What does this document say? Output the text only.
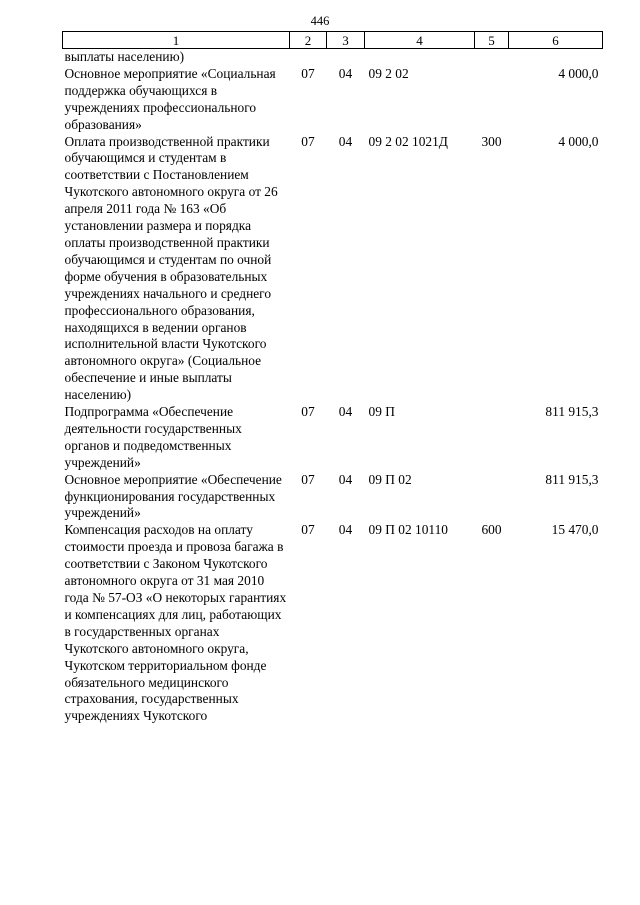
446
1	2	3	4	5	6
выплаты населению)					
Основное мероприятие «Социальная поддержка обучающихся в учреждениях профессионального образования»	07	04	09 2 02		4 000,0
Оплата производственной практики обучающимся и студентам в соответствии с Постановлением Чукотского автономного округа от 26 апреля 2011 года № 163 «Об установлении размера и порядка оплаты производственной практики обучающимся и студентам по очной форме обучения в образовательных учреждениях начального и среднего профессионального образования, находящихся в ведении органов исполнительной власти Чукотского автономного округа» (Социальное обеспечение и иные выплаты населению)	07	04	09 2 02 1021Д	300	4 000,0
Подпрограмма «Обеспечение деятельности государственных органов и подведомственных учреждений»	07	04	09 П		811 915,3
Основное мероприятие «Обеспечение функционирования государственных учреждений»	07	04	09 П 02		811 915,3
Компенсация расходов на оплату стоимости проезда и провоза багажа в соответствии с Законом Чукотского автономного округа от 31 мая 2010 года № 57-ОЗ «О некоторых гарантиях и компенсациях для лиц, работающих в государственных органах Чукотского автономного округа, Чукотском территориальном фонде обязательного медицинского страхования, государственных учреждениях Чукотского	07	04	09 П 02 10110	600	15 470,0
